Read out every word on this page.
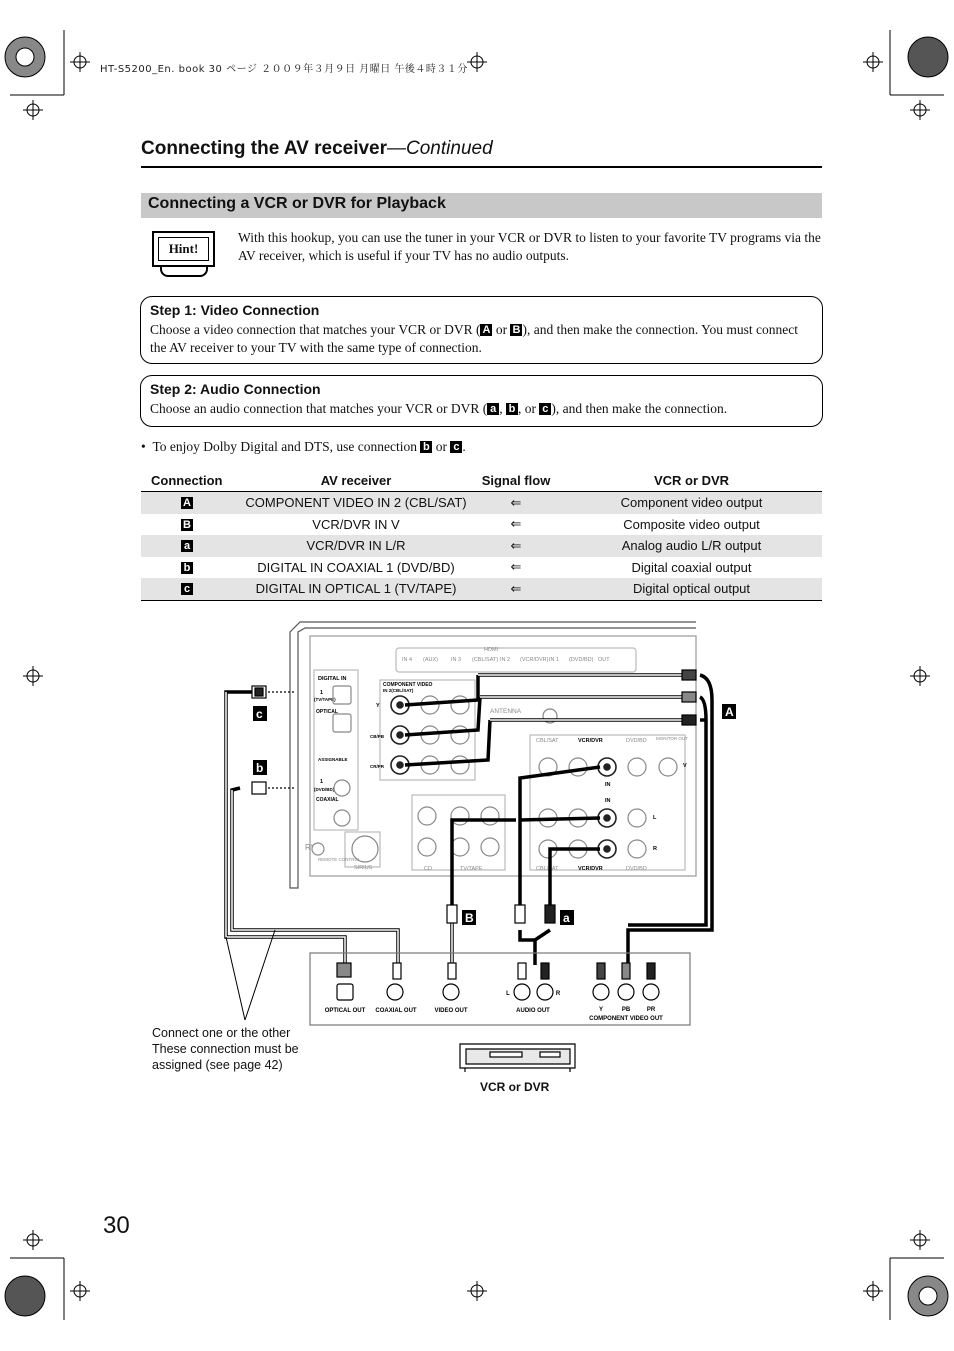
HT-S5200_En. book 30 ページ ２００９年３月９日 月曜日 午後４時３１分
Connecting the AV receiver—Continued
Connecting a VCR or DVR for Playback
Hint!
With this hookup, you can use the tuner in your VCR or DVR to listen to your favorite TV programs via the AV receiver, which is useful if your TV has no audio outputs.
Step 1: Video Connection
Choose a video connection that matches your VCR or DVR ( A or B ), and then make the connection. You must connect the AV receiver to your TV with the same type of connection.
Step 2: Audio Connection
Choose an audio connection that matches your VCR or DVR ( a , b , or c ), and then make the connection.
•  To enjoy Dolby Digital and DTS, use connection b or c .
Connection	AV receiver	Signal flow	VCR or DVR
A	COMPONENT VIDEO IN 2 (CBL/SAT)	⇐	Component video output
B	VCR/DVR IN V	⇐	Composite video output
a	VCR/DVR IN L/R	⇐	Analog audio L/R output
b	DIGITAL IN COAXIAL 1 (DVD/BD)	⇐	Digital coaxial output
c	DIGITAL IN OPTICAL 1 (TV/TAPE)	⇐	Digital optical output
HDMI
IN 4 (AUX) IN 3 (CBL/SAT) IN 2 (VCR/DVR) IN 1 (DVD/BD) OUT
ANTENNA
CD	TV/TAPE
REMOTE CONTROL
SIRIUS
RI
CBL/SAT	DVD/BD MONITOR OUT
CBL/SAT	DVD/BD
DIGITAL IN
1
(TV/TAPE)
OPTICAL
ASSIGNABLE
1
(DVD/BD)
COAXIAL
COMPONENT VIDEO
IN 2(CBL/SAT)
Y
CB/PB
CR/PR
VCR/DVR
VCR/DVR
IN
IN
V
L
R
A
B	a
b
c
OPTICAL OUT COAXIAL OUT	VIDEO OUT	AUDIO OUT
L	R
Y	PB	PR
COMPONENT VIDEO OUT
Connect one or the other
These connection must be
assigned (see page 42)
VCR or DVR
30
